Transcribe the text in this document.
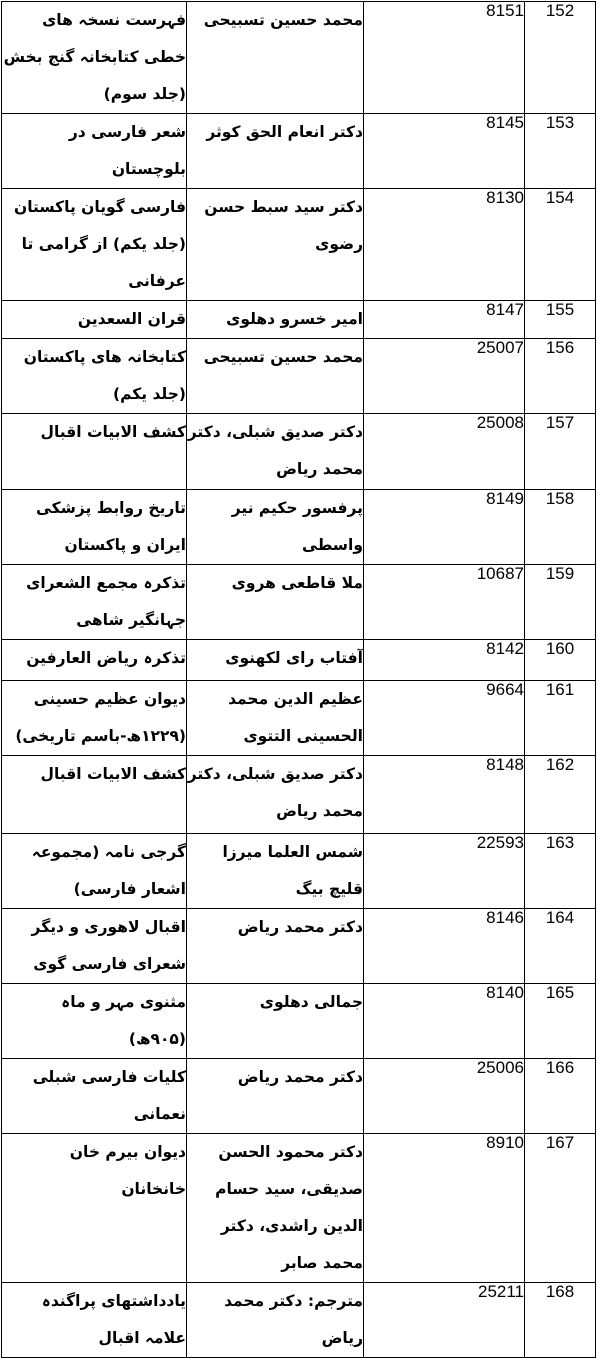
فہرست نسخہ ھای خطی کتابخانہ گنج بخش (جلد سوم)	محمد حسین تسبیحی	8151	152
شعر فارسی در بلوچستان	دکتر انعام الحق کوثر	8145	153
فارسی گویان پاکستان (جلد یکم) از گرامی تا عرفانی	دکتر سید سبط حسن رضوی	8130	154
قران السعدین	امیر خسرو دھلوی	8147	155
کتابخانہ ھای پاکستان (جلد یکم)	محمد حسین تسبیحی	25007	156
کشف الابیات اقبال	دکتر صدیق شبلی، دکتر محمد ریاض	25008	157
تاریخ روابط پزشکی ایران و پاکستان	پرفسور حکیم نیر واسطی	8149	158
تذکرہ مجمع الشعرای جہانگیر شاھی	ملا قاطعی ھروی	10687	159
تذکرہ ریاض العارفین	آفتاب رای لکھنوی	8142	160
دیوان عظیم حسینی (۱۲۲۹ھ-باسم تاریخی)	عظیم الدین محمد الحسینی التتوی	9664	161
کشف الابیات اقبال	دکتر صدیق شبلی، دکتر محمد ریاض	8148	162
گرجی نامہ (مجموعہ اشعار فارسی)	شمس العلما میرزا قلیچ بیگ	22593	163
اقبال لاھوری و دیگر شعرای فارسی گوی	دکتر محمد ریاض	8146	164
مثنوی مہر و ماہ (۹۰۵ھ)	جمالی دھلوی	8140	165
کلیات فارسی شبلی نعمانی	دکتر محمد ریاض	25006	166
دیوان بیرم خان خانخانان	دکتر محمود الحسن صدیقی، سید حسام الدین راشدی، دکتر محمد صابر	8910	167
یادداشتھای پراگندہ علامہ اقبال	مترجم: دکتر محمد ریاض	25211	168
